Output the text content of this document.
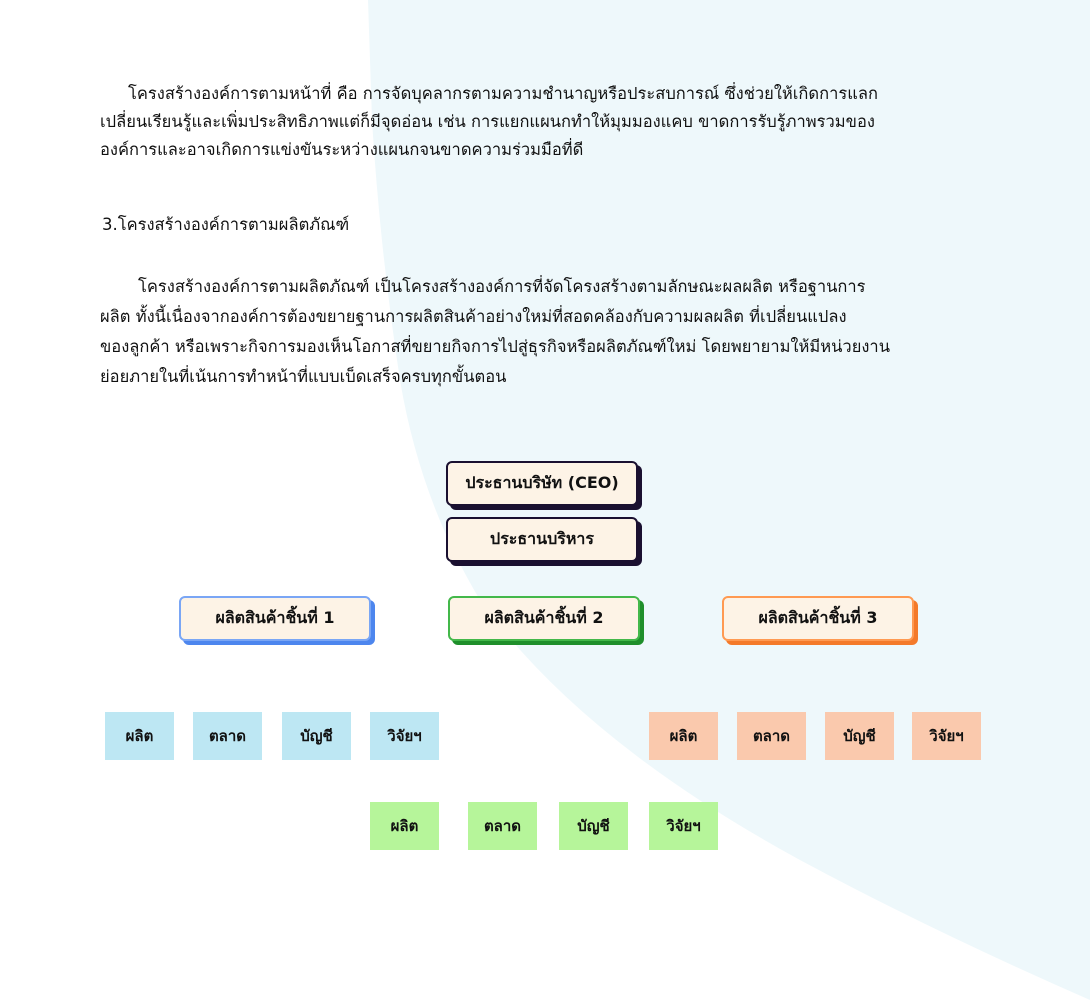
โครงสร้างองค์การตามหน้าที่ คือ การจัดบุคลากรตามความชำนาญหรือประสบการณ์ ซึ่งช่วยให้เกิดการแลก
เปลี่ยนเรียนรู้และเพิ่มประสิทธิภาพแต่ก็มีจุดอ่อน เช่น การแยกแผนกทำให้มุมมองแคบ ขาดการรับรู้ภาพรวมของ
องค์การและอาจเกิดการแข่งขันระหว่างแผนกจนขาดความร่วมมือที่ดี

3.โครงสร้างองค์การตามผลิตภัณฑ์

โครงสร้างองค์การตามผลิตภัณฑ์ เป็นโครงสร้างองค์การที่จัดโครงสร้างตามลักษณะผลผลิต หรือฐานการ
ผลิต ทั้งนี้เนื่องจากองค์การต้องขยายฐานการผลิตสินค้าอย่างใหม่ที่สอดคล้องกับความผลผลิต ที่เปลี่ยนแปลง
ของลูกค้า หรือเพราะกิจการมองเห็นโอกาสที่ขยายกิจการไปสู่ธุรกิจหรือผลิตภัณฑ์ใหม่ โดยพยายามให้มีหน่วยงาน
ย่อยภายในที่เน้นการทำหน้าที่แบบเบ็ดเสร็จครบทุกขั้นตอน

ประธานบริษัท (CEO)
ประธานบริหาร
ผลิตสินค้าชิ้นที่ 1	ผลิตสินค้าชิ้นที่ 2	ผลิตสินค้าชิ้นที่ 3
ผลิต	ตลาด	บัญชี	วิจัยฯ	ผลิต	ตลาด	บัญชี	วิจัยฯ
ผลิต	ตลาด	บัญชี	วิจัยฯ
